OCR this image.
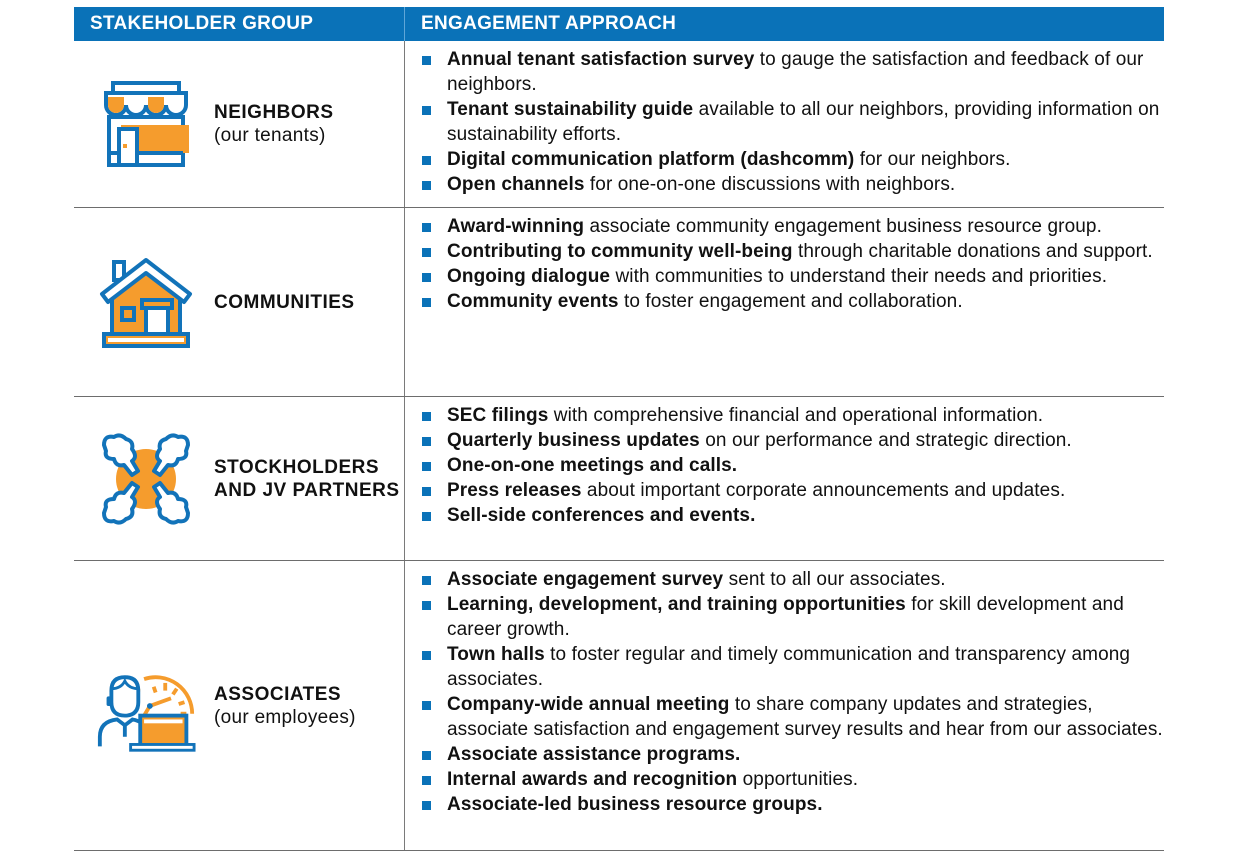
STAKEHOLDER GROUP	ENGAGEMENT APPROACH
NEIGHBORS
(our tenants)
Annual tenant satisfaction survey to gauge the satisfaction and feedback of our neighbors.
Tenant sustainability guide available to all our neighbors, providing information on sustainability efforts.
Digital communication platform (dashcomm) for our neighbors.
Open channels for one-on-one discussions with neighbors.
COMMUNITIES
Award-winning associate community engagement business resource group.
Contributing to community well-being through charitable donations and support.
Ongoing dialogue with communities to understand their needs and priorities.
Community events to foster engagement and collaboration.
STOCKHOLDERS AND JV PARTNERS
SEC filings with comprehensive financial and operational information.
Quarterly business updates on our performance and strategic direction.
One-on-one meetings and calls.
Press releases about important corporate announcements and updates.
Sell-side conferences and events.
ASSOCIATES
(our employees)
Associate engagement survey sent to all our associates.
Learning, development, and training opportunities for skill development and career growth.
Town halls to foster regular and timely communication and transparency among associates.
Company-wide annual meeting to share company updates and strategies, associate satisfaction and engagement survey results and hear from our associates.
Associate assistance programs.
Internal awards and recognition opportunities.
Associate-led business resource groups.
